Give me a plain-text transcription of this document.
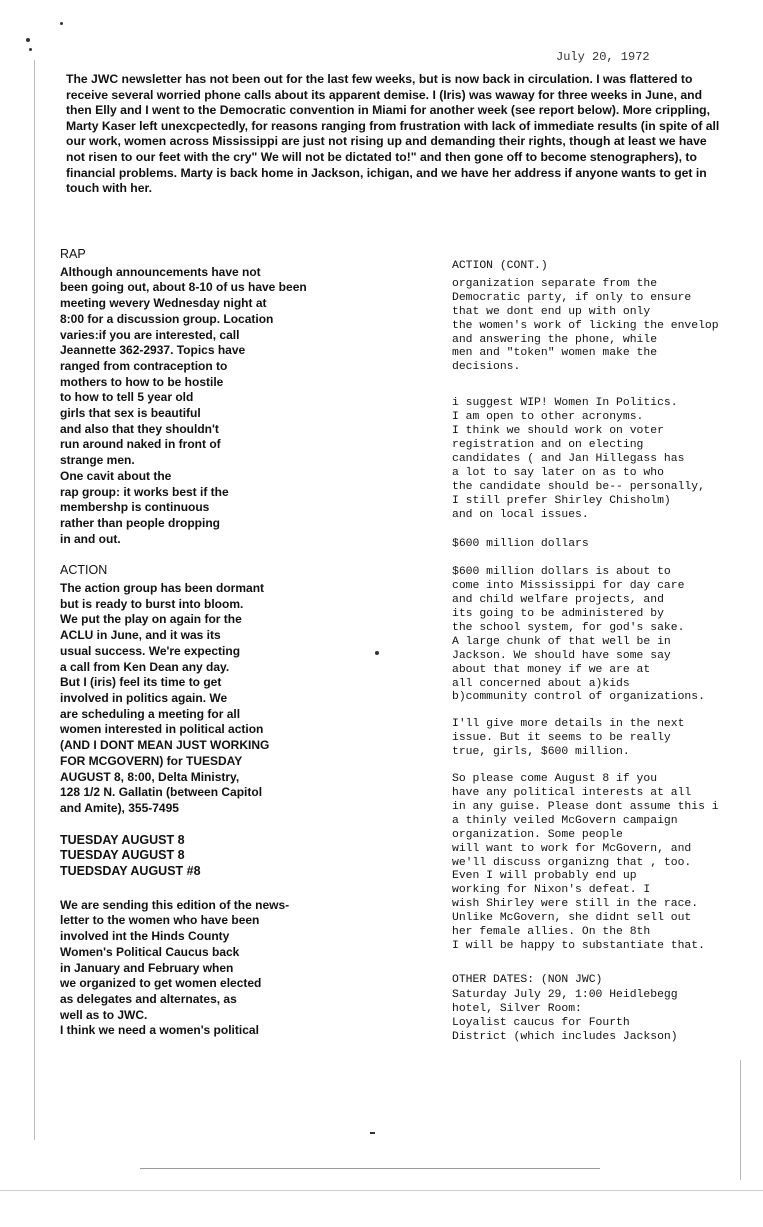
July 20, 1972

The JWC newsletter has not been out for the last few weeks, but is now back in circulation. I was flattered to receive several worried phone calls about its apparent demise. I (Iris) was waway for three weeks in June, and then Elly and I went to the Democratic convention in Miami for another week (see report below). More crippling, Marty Kaser left unexcpectedly, for reasons ranging from frustration with lack of immediate results (in spite of all our work, women across Mississippi are just not rising up and demanding their rights, though at least we have not risen to our feet with the cry" We will not be dictated to!" and then gone off to become stenographers), to financial problems. Marty is back home in Jackson, ichigan, and we have her address if anyone wants to get in touch with her.

RAP

Although announcements have not
been going out, about 8-10 of us have been
meeting wevery Wednesday night at
8:00 for a discussion group. Location
varies:if you are interested, call
Jeannette 362-2937. Topics have
ranged from contraception to
mothers to how to be hostile
to how to tell 5 year old
girls that sex is beautiful
and also that they shouldn't
run around naked in front of
strange men.

One cavit about the
rap group: it works best if the
membershp is continuous
rather than people dropping
in and out.

ACTION

The action group has been dormant
but is ready to burst into bloom.
We put the play on again for the
ACLU in June, and it was its
usual success. We're expecting
a call from Ken Dean any day.
But I (iris) feel its time to get
involved in politics again. We
are scheduling a meeting for all
women interested in political action
(AND I DONT MEAN JUST WORKING
FOR MCGOVERN) for TUESDAY
AUGUST 8, 8:00, Delta Ministry,
128 1/2 N. Gallatin (between Capitol
and Amite), 355-7495

TUESDAY AUGUST 8
TUESDAY AUGUST 8
TUEDSDAY AUGUST #8

We are sending this edition of the news-
letter to the women who have been
involved int the Hinds County
Women's Political Caucus back
in January and February when
we organized to get women elected
as delegates and alternates, as
well as to JWC.
I think we need a women's political

ACTION (CONT.)

organization separate from the
Democratic party, if only to ensure
that we dont end up with only
the women's work of licking the envelop
and answering the phone, while
men and "token" women make the
decisions.

i suggest WIP! Women In Politics.
I am open to other acronyms.
I think we should work on voter
registration and on electing
candidates ( and Jan Hillegass has
a lot to say later on as to who
the candidate should be-- personally,
I still prefer Shirley Chisholm)
and on local issues.

$600 million dollars

$600 million dollars is about to
come into Mississippi for day care
and child welfare projects, and
its going to be administered by
the school system, for god's sake.
A large chunk of that well be in
Jackson. We should have some say
about that money if we are at
all concerned about a)kids
b)community control of organizations.

I'll give more details in the next
issue. But it seems to be really
true, girls, $600 million.

So please come August 8 if you
have any political interests at all
in any guise. Please dont assume this i
a thinly veiled McGovern campaign
organization. Some people
will want to work for McGovern, and
we'll discuss organizng that , too.
Even I will probably end up
working for Nixon's defeat. I
wish Shirley were still in the race.
Unlike McGovern, she didnt sell out
her female allies. On the 8th
I will be happy to substantiate that.

OTHER DATES: (NON JWC)

Saturday July 29, 1:00 Heidlebegg
hotel, Silver Room:
Loyalist caucus for Fourth
District (which includes Jackson)
